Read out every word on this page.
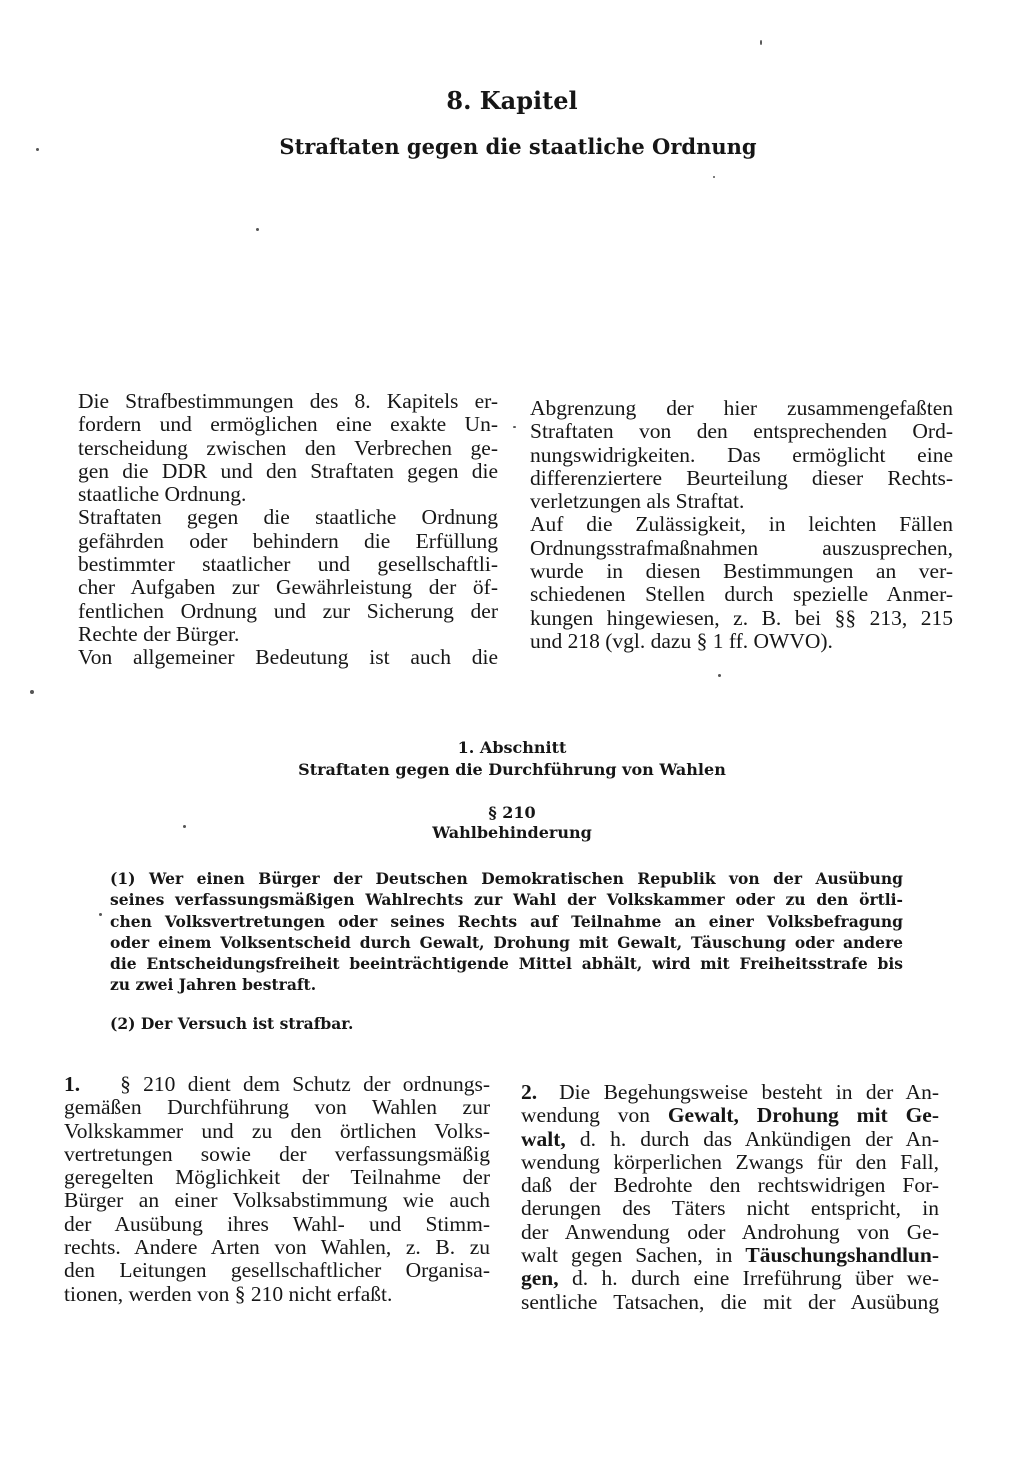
8. Kapitel
Straftaten gegen die staatliche Ordnung
Die Strafbestimmungen des 8. Kapitels er-
fordern und ermöglichen eine exakte Un-
terscheidung zwischen den Verbrechen ge-
gen die DDR und den Straftaten gegen die
staatliche Ordnung.
Straftaten gegen die staatliche Ordnung
gefährden oder behindern die Erfüllung
bestimmter staatlicher und gesellschaftli-
cher Aufgaben zur Gewährleistung der öf-
fentlichen Ordnung und zur Sicherung der
Rechte der Bürger.
Von allgemeiner Bedeutung ist auch die
Abgrenzung der hier zusammengefaßten
Straftaten von den entsprechenden Ord-
nungswidrigkeiten. Das ermöglicht eine
differenziertere Beurteilung dieser Rechts-
verletzungen als Straftat.
Auf die Zulässigkeit, in leichten Fällen
Ordnungsstrafmaßnahmen auszusprechen,
wurde in diesen Bestimmungen an ver-
schiedenen Stellen durch spezielle Anmer-
kungen hingewiesen, z. B. bei §§ 213, 215
und 218 (vgl. dazu § 1 ff. OWVO).
1. Abschnitt
Straftaten gegen die Durchführung von Wahlen
§ 210
Wahlbehinderung
(1) Wer einen Bürger der Deutschen Demokratischen Republik von der Ausübung
seines verfassungsmäßigen Wahlrechts zur Wahl der Volkskammer oder zu den örtli-
chen Volksvertretungen oder seines Rechts auf Teilnahme an einer Volksbefragung
oder einem Volksentscheid durch Gewalt, Drohung mit Gewalt, Täuschung oder andere
die Entscheidungsfreiheit beeinträchtigende Mittel abhält, wird mit Freiheitsstrafe bis
zu zwei Jahren bestraft.
(2) Der Versuch ist strafbar.
1. § 210 dient dem Schutz der ordnungs-
gemäßen Durchführung von Wahlen zur
Volkskammer und zu den örtlichen Volks-
vertretungen sowie der verfassungsmäßig
geregelten Möglichkeit der Teilnahme der
Bürger an einer Volksabstimmung wie auch
der Ausübung ihres Wahl- und Stimm-
rechts. Andere Arten von Wahlen, z. B. zu
den Leitungen gesellschaftlicher Organisa-
tionen, werden von § 210 nicht erfaßt.
2. Die Begehungsweise besteht in der An-
wendung von Gewalt, Drohung mit Ge-
walt, d. h. durch das Ankündigen der An-
wendung körperlichen Zwangs für den Fall,
daß der Bedrohte den rechtswidrigen For-
derungen des Täters nicht entspricht, in
der Anwendung oder Androhung von Ge-
walt gegen Sachen, in Täuschungshandlun-
gen, d. h. durch eine Irreführung über we-
sentliche Tatsachen, die mit der Ausübung
